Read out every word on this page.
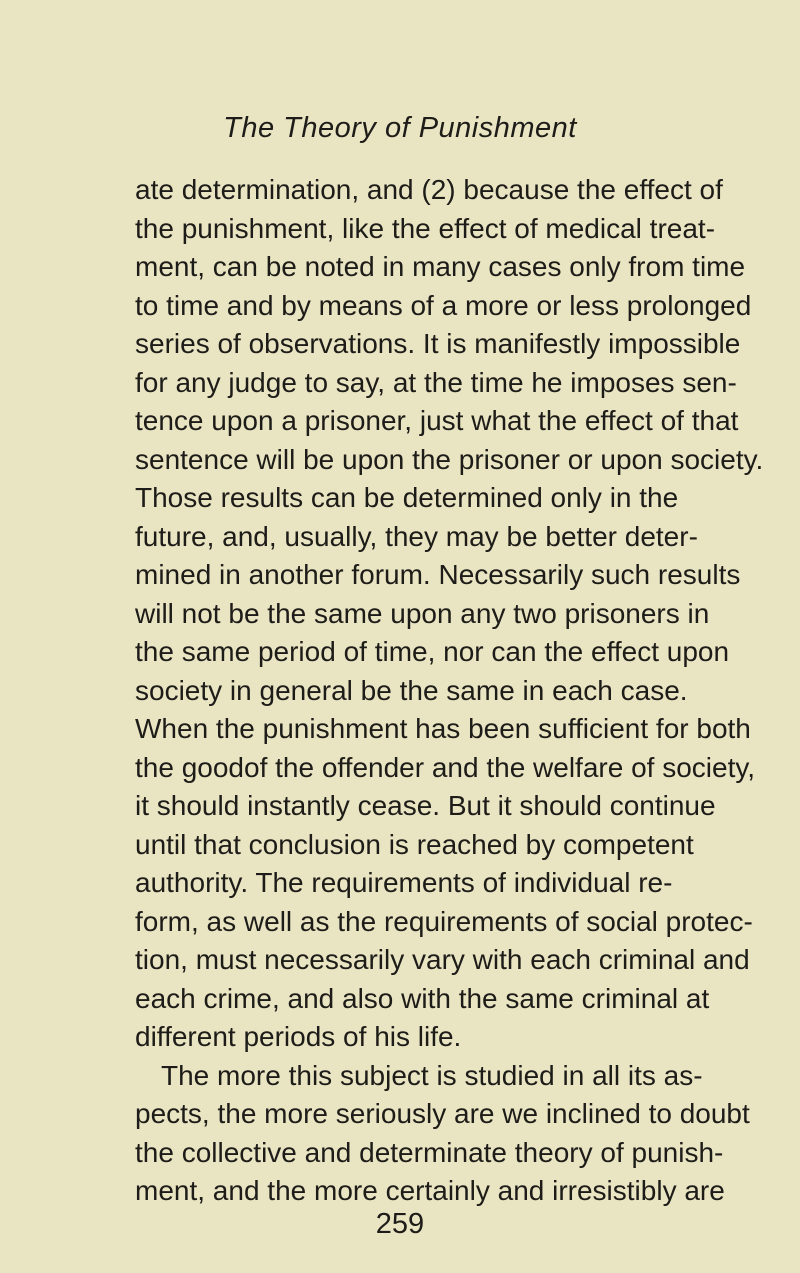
The Theory of Punishment
ate determination, and (2) because the effect of
the punishment, like the effect of medical treat-
ment, can be noted in many cases only from time
to time and by means of a more or less prolonged
series of observations. It is manifestly impossible
for any judge to say, at the time he imposes sen-
tence upon a prisoner, just what the effect of that
sentence will be upon the prisoner or upon society.
Those results can be determined only in the
future, and, usually, they may be better deter-
mined in another forum. Necessarily such results
will not be the same upon any two prisoners in
the same period of time, nor can the effect upon
society in general be the same in each case.
When the punishment has been sufficient for both
the goodof the offender and the welfare of society,
it should instantly cease. But it should continue
until that conclusion is reached by competent
authority. The requirements of individual re-
form, as well as the requirements of social protec-
tion, must necessarily vary with each criminal and
each crime, and also with the same criminal at
different periods of his life.
The more this subject is studied in all its as-
pects, the more seriously are we inclined to doubt
the collective and determinate theory of punish-
ment, and the more certainly and irresistibly are
259
